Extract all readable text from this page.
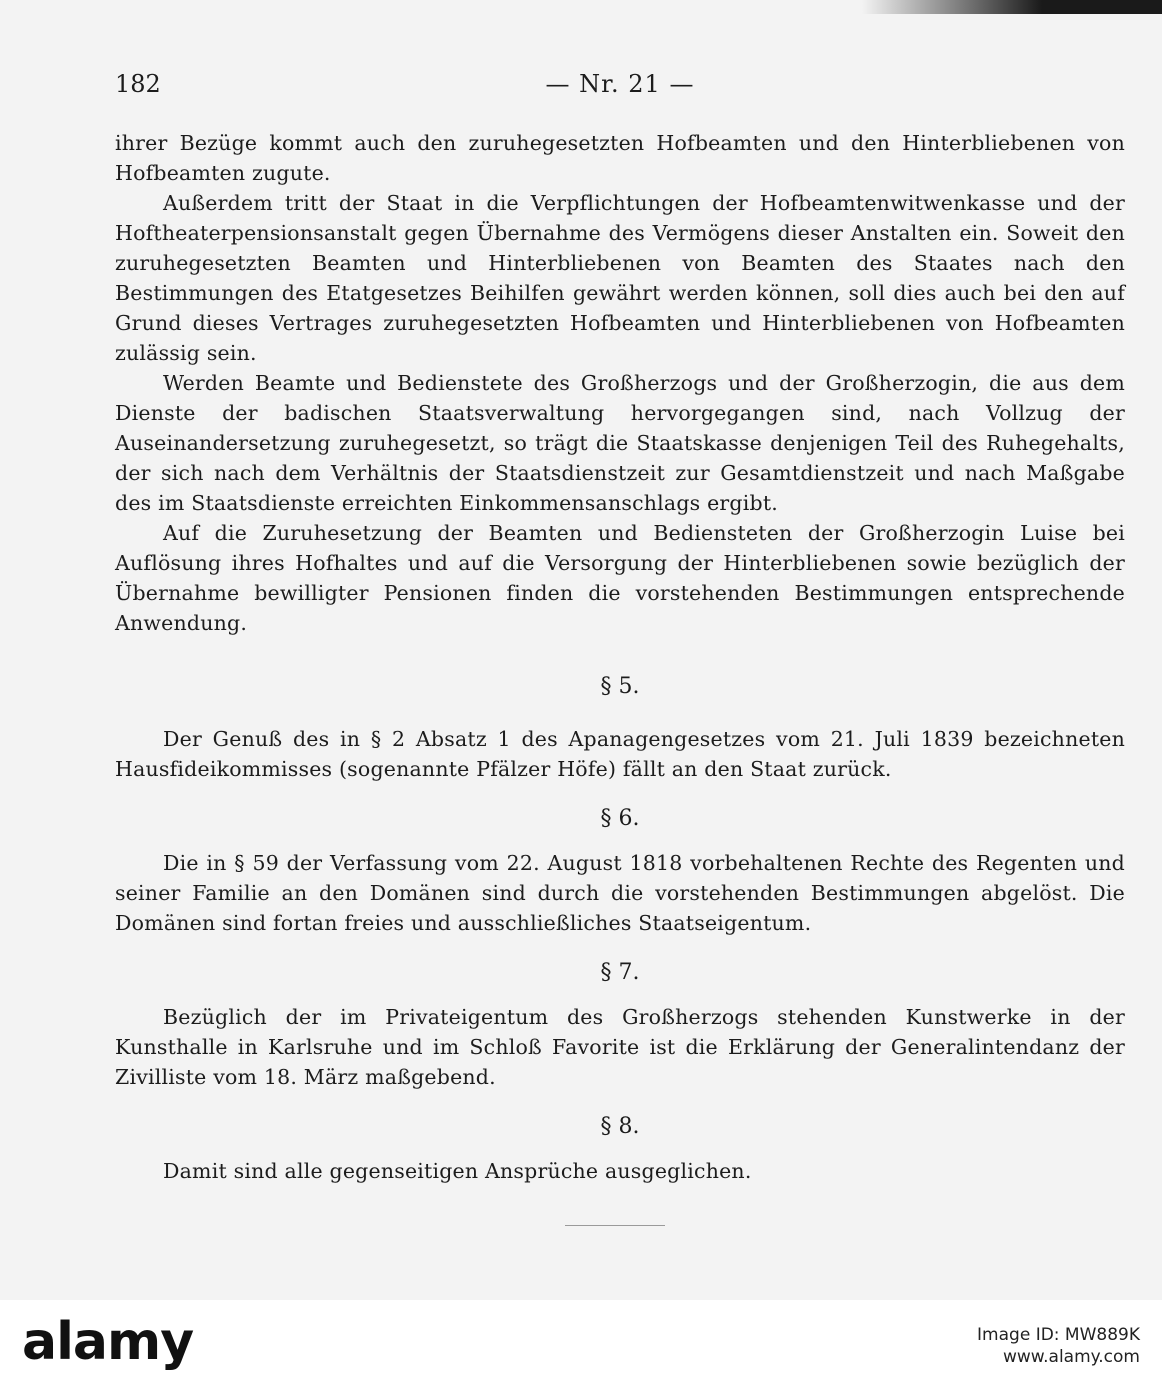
182	— Nr. 21 —

ihrer Bezüge kommt auch den zuruhegesetzten Hofbeamten und den Hinterbliebenen von Hofbeamten zugute.

Außerdem tritt der Staat in die Verpflichtungen der Hofbeamtenwitwenkasse und der Hoftheaterpensionsanstalt gegen Übernahme des Vermögens dieser Anstalten ein. Soweit den zuruhegesetzten Beamten und Hinterbliebenen von Beamten des Staates nach den Bestimmungen des Etatgesetzes Beihilfen gewährt werden können, soll dies auch bei den auf Grund dieses Vertrages zuruhegesetzten Hofbeamten und Hinterbliebenen von Hofbeamten zulässig sein.

Werden Beamte und Bedienstete des Großherzogs und der Großherzogin, die aus dem Dienste der badischen Staatsverwaltung hervorgegangen sind, nach Vollzug der Auseinandersetzung zuruhegesetzt, so trägt die Staatskasse denjenigen Teil des Ruhegehalts, der sich nach dem Verhältnis der Staatsdienstzeit zur Gesamtdienstzeit und nach Maßgabe des im Staatsdienste erreichten Einkommensanschlags ergibt.

Auf die Zuruhesetzung der Beamten und Bediensteten der Großherzogin Luise bei Auflösung ihres Hofhaltes und auf die Versorgung der Hinterbliebenen sowie bezüglich der Übernahme bewilligter Pensionen finden die vorstehenden Bestimmungen entsprechende Anwendung.

§ 5.

Der Genuß des in § 2 Absatz 1 des Apanagengesetzes vom 21. Juli 1839 bezeichneten Hausfideikommisses (sogenannte Pfälzer Höfe) fällt an den Staat zurück.

§ 6.

Die in § 59 der Verfassung vom 22. August 1818 vorbehaltenen Rechte des Regenten und seiner Familie an den Domänen sind durch die vorstehenden Bestimmungen abgelöst. Die Domänen sind fortan freies und ausschließliches Staatseigentum.

§ 7.

Bezüglich der im Privateigentum des Großherzogs stehenden Kunstwerke in der Kunsthalle in Karlsruhe und im Schloß Favorite ist die Erklärung der Generalintendanz der Zivilliste vom 18. März maßgebend.

§ 8.

Damit sind alle gegenseitigen Ansprüche ausgeglichen.

alamy	Image ID: MW889K
www.alamy.com
